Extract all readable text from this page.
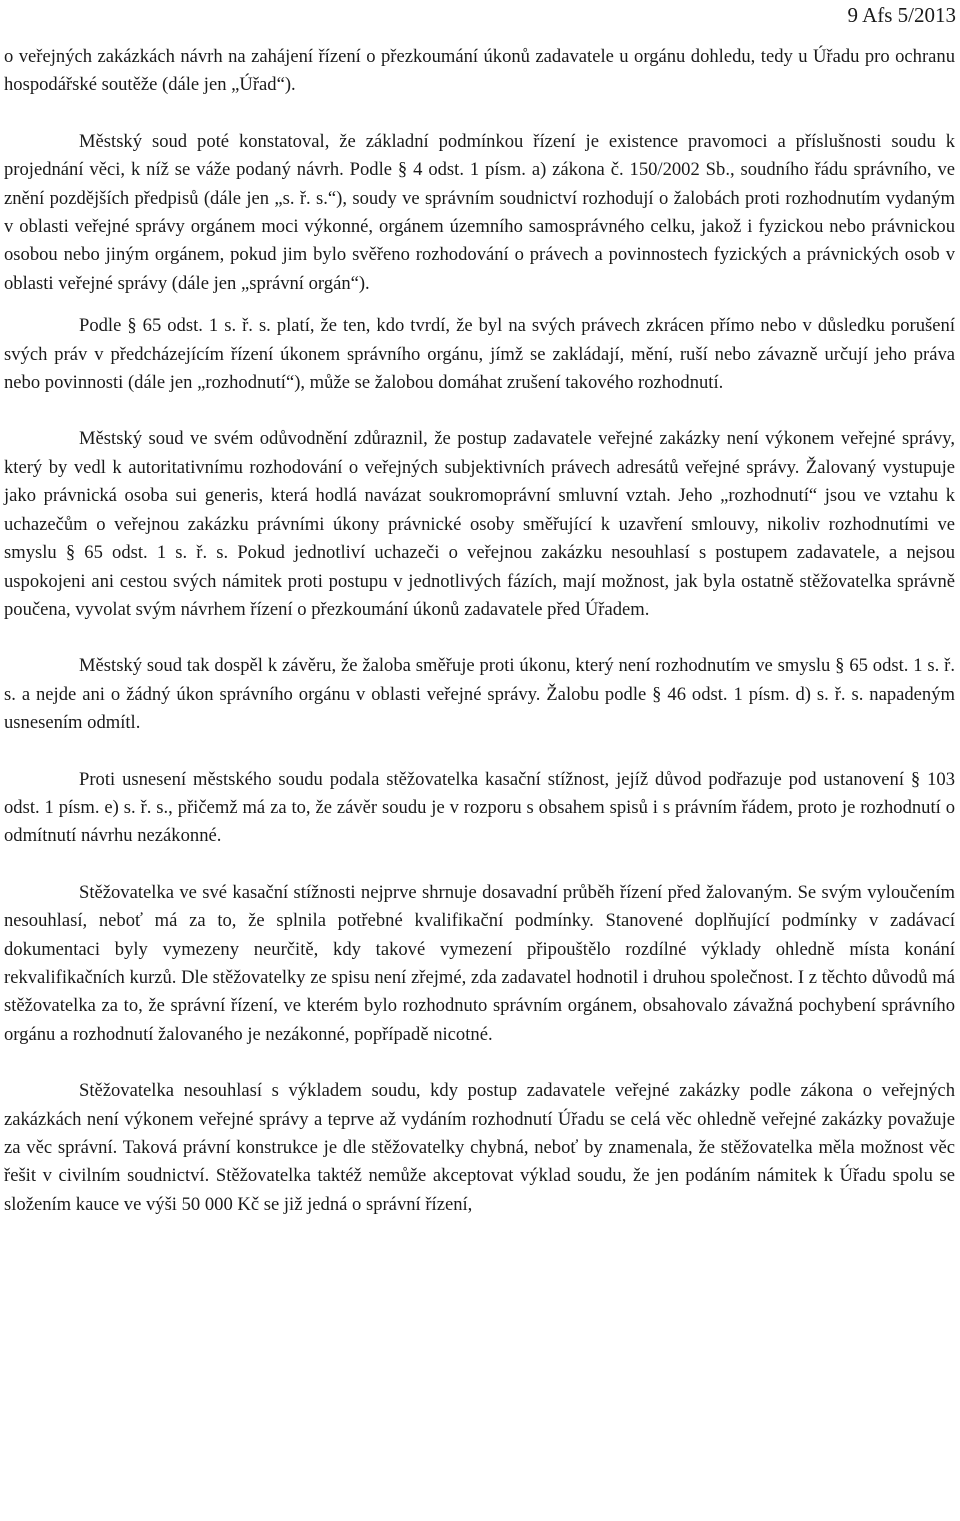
9 Afs 5/2013

o veřejných zakázkách návrh na zahájení řízení o přezkoumání úkonů zadavatele u orgánu dohledu, tedy u Úřadu pro ochranu hospodářské soutěže (dále jen „Úřad“).

Městský soud poté konstatoval, že základní podmínkou řízení je existence pravomoci a příslušnosti soudu k projednání věci, k níž se váže podaný návrh. Podle § 4 odst. 1 písm. a) zákona č. 150/2002 Sb., soudního řádu správního, ve znění pozdějších předpisů (dále jen „s. ř. s.“), soudy ve správním soudnictví rozhodují o žalobách proti rozhodnutím vydaným v oblasti veřejné správy orgánem moci výkonné, orgánem územního samosprávného celku, jakož i fyzickou nebo právnickou osobou nebo jiným orgánem, pokud jim bylo svěřeno rozhodování o právech a povinnostech fyzických a právnických osob v oblasti veřejné správy (dále jen „správní orgán“).

Podle § 65 odst. 1 s. ř. s. platí, že ten, kdo tvrdí, že byl na svých právech zkrácen přímo nebo v důsledku porušení svých práv v předcházejícím řízení úkonem správního orgánu, jímž se zakládají, mění, ruší nebo závazně určují jeho práva nebo povinnosti (dále jen „rozhodnutí“), může se žalobou domáhat zrušení takového rozhodnutí.

Městský soud ve svém odůvodnění zdůraznil, že postup zadavatele veřejné zakázky není výkonem veřejné správy, který by vedl k autoritativnímu rozhodování o veřejných subjektivních právech adresátů veřejné správy. Žalovaný vystupuje jako právnická osoba sui generis, která hodlá navázat soukromoprávní smluvní vztah. Jeho „rozhodnutí“ jsou ve vztahu k uchazečům o veřejnou zakázku právními úkony právnické osoby směřující k uzavření smlouvy, nikoliv rozhodnutími ve smyslu § 65 odst. 1 s. ř. s. Pokud jednotliví uchazeči o veřejnou zakázku nesouhlasí s postupem zadavatele, a nejsou uspokojeni ani cestou svých námitek proti postupu v jednotlivých fázích, mají možnost, jak byla ostatně stěžovatelka správně poučena, vyvolat svým návrhem řízení o přezkoumání úkonů zadavatele před Úřadem.

Městský soud tak dospěl k závěru, že žaloba směřuje proti úkonu, který není rozhodnutím ve smyslu § 65 odst. 1 s. ř. s. a nejde ani o žádný úkon správního orgánu v oblasti veřejné správy. Žalobu podle § 46 odst. 1 písm. d) s. ř. s. napadeným usnesením odmítl.

Proti usnesení městského soudu podala stěžovatelka kasační stížnost, jejíž důvod podřazuje pod ustanovení § 103 odst. 1 písm. e) s. ř. s., přičemž má za to, že závěr soudu je v rozporu s obsahem spisů i s právním řádem, proto je rozhodnutí o odmítnutí návrhu nezákonné.

Stěžovatelka ve své kasační stížnosti nejprve shrnuje dosavadní průběh řízení před žalovaným. Se svým vyloučením nesouhlasí, neboť má za to, že splnila potřebné kvalifikační podmínky. Stanovené doplňující podmínky v zadávací dokumentaci byly vymezeny neurčitě, kdy takové vymezení připouštělo rozdílné výklady ohledně místa konání rekvalifikačních kurzů. Dle stěžovatelky ze spisu není zřejmé, zda zadavatel hodnotil i druhou společnost. I z těchto důvodů má stěžovatelka za to, že správní řízení, ve kterém bylo rozhodnuto správním orgánem, obsahovalo závažná pochybení správního orgánu a rozhodnutí žalovaného je nezákonné, popřípadě nicotné.

Stěžovatelka nesouhlasí s výkladem soudu, kdy postup zadavatele veřejné zakázky podle zákona o veřejných zakázkách není výkonem veřejné správy a teprve až vydáním rozhodnutí Úřadu se celá věc ohledně veřejné zakázky považuje za věc správní. Taková právní konstrukce je dle stěžovatelky chybná, neboť by znamenala, že stěžovatelka měla možnost věc řešit v civilním soudnictví. Stěžovatelka taktéž nemůže akceptovat výklad soudu, že jen podáním námitek k Úřadu spolu se složením kauce ve výši 50 000 Kč se již jedná o správní řízení,
